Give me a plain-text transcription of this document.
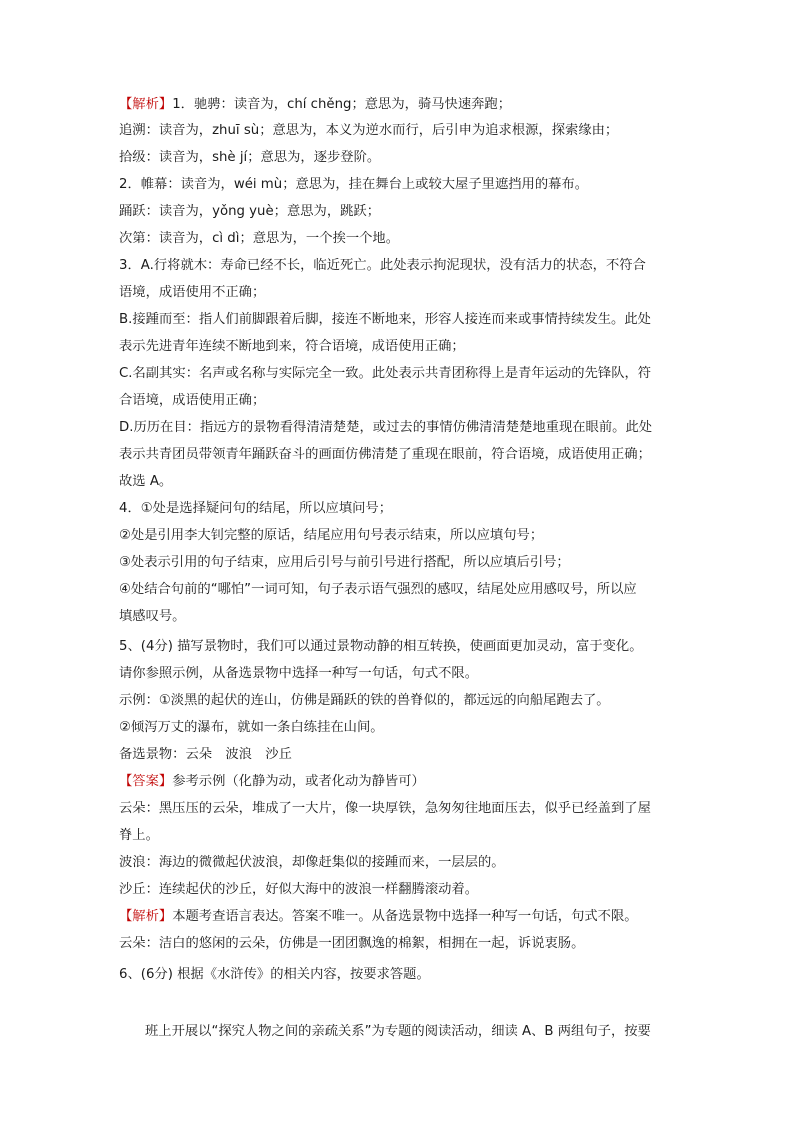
【解析】1．驰骋：读音为，chí chěng；意思为，骑马快速奔跑；
追溯：读音为，zhuī sù；意思为，本义为逆水而行，后引申为追求根源，探索缘由；
拾级：读音为，shè jí；意思为，逐步登阶。
2．帷幕：读音为，wéi mù；意思为，挂在舞台上或较大屋子里遮挡用的幕布。
踊跃：读音为，yǒng yuè；意思为，跳跃；
次第：读音为，cì dì；意思为，一个挨一个地。
3．A.行将就木：寿命已经不长，临近死亡。此处表示拘泥现状，没有活力的状态，不符合
语境，成语使用不正确；
B.接踵而至：指人们前脚跟着后脚，接连不断地来，形容人接连而来或事情持续发生。此处
表示先进青年连续不断地到来，符合语境，成语使用正确；
C.名副其实：名声或名称与实际完全一致。此处表示共青团称得上是青年运动的先锋队，符
合语境，成语使用正确；
D.历历在目：指远方的景物看得清清楚楚，或过去的事情仿佛清清楚楚地重现在眼前。此处
表示共青团员带领青年踊跃奋斗的画面仿佛清楚了重现在眼前，符合语境，成语使用正确；
故选 A。
4．①处是选择疑问句的结尾，所以应填问号；
②处是引用李大钊完整的原话，结尾应用句号表示结束，所以应填句号；
③处表示引用的句子结束，应用后引号与前引号进行搭配，所以应填后引号；
④处结合句前的“哪怕”一词可知，句子表示语气强烈的感叹，结尾处应用感叹号，所以应
填感叹号。
5、(4分) 描写景物时，我们可以通过景物动静的相互转换，使画面更加灵动，富于变化。
请你参照示例，从备选景物中选择一种写一句话，句式不限。
示例：①淡黑的起伏的连山，仿佛是踊跃的铁的兽脊似的，都远远的向船尾跑去了。
②倾泻万丈的瀑布，就如一条白练挂在山间。
备选景物：云朵　波浪　沙丘
【答案】参考示例（化静为动，或者化动为静皆可）
云朵：黑压压的云朵，堆成了一大片，像一块厚铁，急匆匆往地面压去，似乎已经盖到了屋
脊上。
波浪：海边的微微起伏波浪，却像赶集似的接踵而来，一层层的。
沙丘：连续起伏的沙丘，好似大海中的波浪一样翻腾滚动着。
【解析】本题考查语言表达。答案不唯一。从备选景物中选择一种写一句话，句式不限。
云朵：洁白的悠闲的云朵，仿佛是一团团飘逸的棉絮，相拥在一起，诉说衷肠。
6、(6分) 根据《水浒传》的相关内容，按要求答题。
班上开展以“探究人物之间的亲疏关系”为专题的阅读活动，细读 A、B 两组句子，按要
